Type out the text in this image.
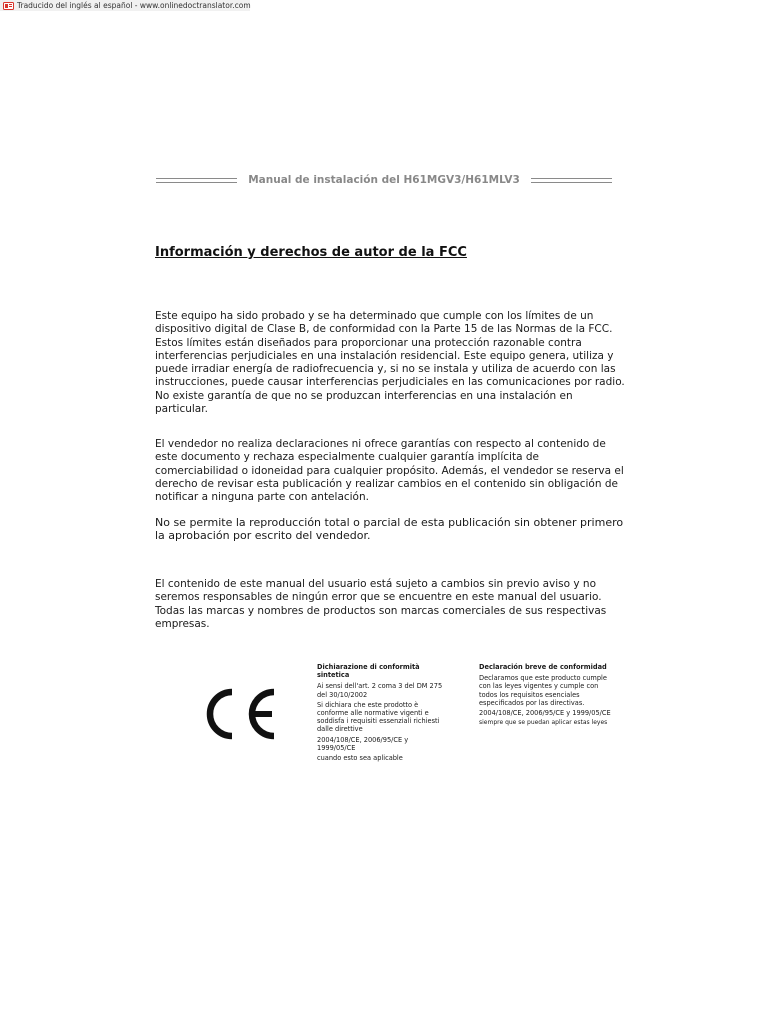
Traducido del inglés al español - www.onlinedoctranslator.com
Manual de instalación del H61MGV3/H61MLV3
Información y derechos de autor de la FCC

Este equipo ha sido probado y se ha determinado que cumple con los límites de un dispositivo digital de Clase B, de conformidad con la Parte 15 de las Normas de la FCC. Estos límites están diseñados para proporcionar una protección razonable contra interferencias perjudiciales en una instalación residencial. Este equipo genera, utiliza y puede irradiar energía de radiofrecuencia y, si no se instala y utiliza de acuerdo con las instrucciones, puede causar interferencias perjudiciales en las comunicaciones por radio. No existe garantía de que no se produzcan interferencias en una instalación en particular.

El vendedor no realiza declaraciones ni ofrece garantías con respecto al contenido de este documento y rechaza especialmente cualquier garantía implícita de comerciabilidad o idoneidad para cualquier propósito. Además, el vendedor se reserva el derecho de revisar esta publicación y realizar cambios en el contenido sin obligación de notificar a ninguna parte con antelación.

No se permite la reproducción total o parcial de esta publicación sin obtener primero la aprobación por escrito del vendedor.

El contenido de este manual del usuario está sujeto a cambios sin previo aviso y no seremos responsables de ningún error que se encuentre en este manual del usuario. Todas las marcas y nombres de productos son marcas comerciales de sus respectivas empresas.

Dichiarazione di conformità sintetica

Ai sensi dell'art. 2 coma 3 del DM 275 del 30/10/2002

Si dichiara che este prodotto è conforme alle normative vigenti e soddisfa i requisiti essenziali richiesti dalle direttive

2004/108/CE, 2006/95/CE y 1999/05/CE

cuando esto sea aplicable

Declaración breve de conformidad

Declaramos que este producto cumple con las leyes vigentes y cumple con todos los requisitos esenciales especificados por las directivas.

2004/108/CE, 2006/95/CE y 1999/05/CE

siempre que se puedan aplicar estas leyes
